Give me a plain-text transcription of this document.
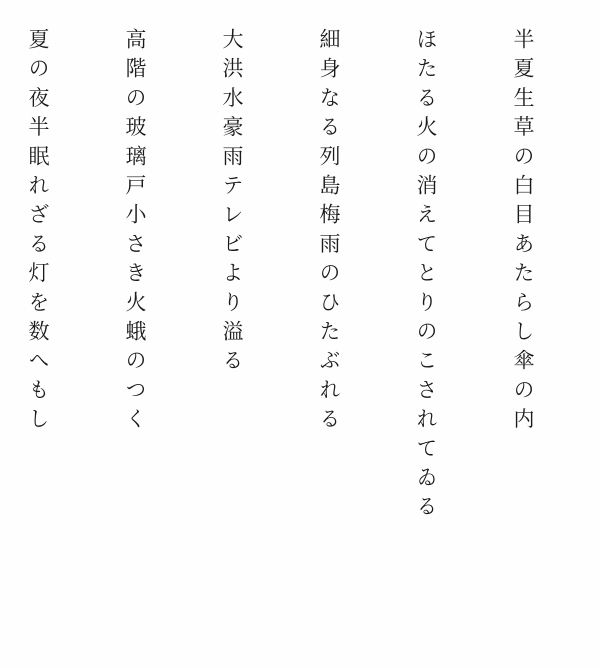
半夏生草の白目あたらし傘の内
ほたる火の消えてとりのこされてゐる
細身なる列島梅雨のひたぶれる
大洪水豪雨テレビより溢る
高階の玻璃戸小さき火蛾のつく
夏の夜半眠れざる灯を数へもし
